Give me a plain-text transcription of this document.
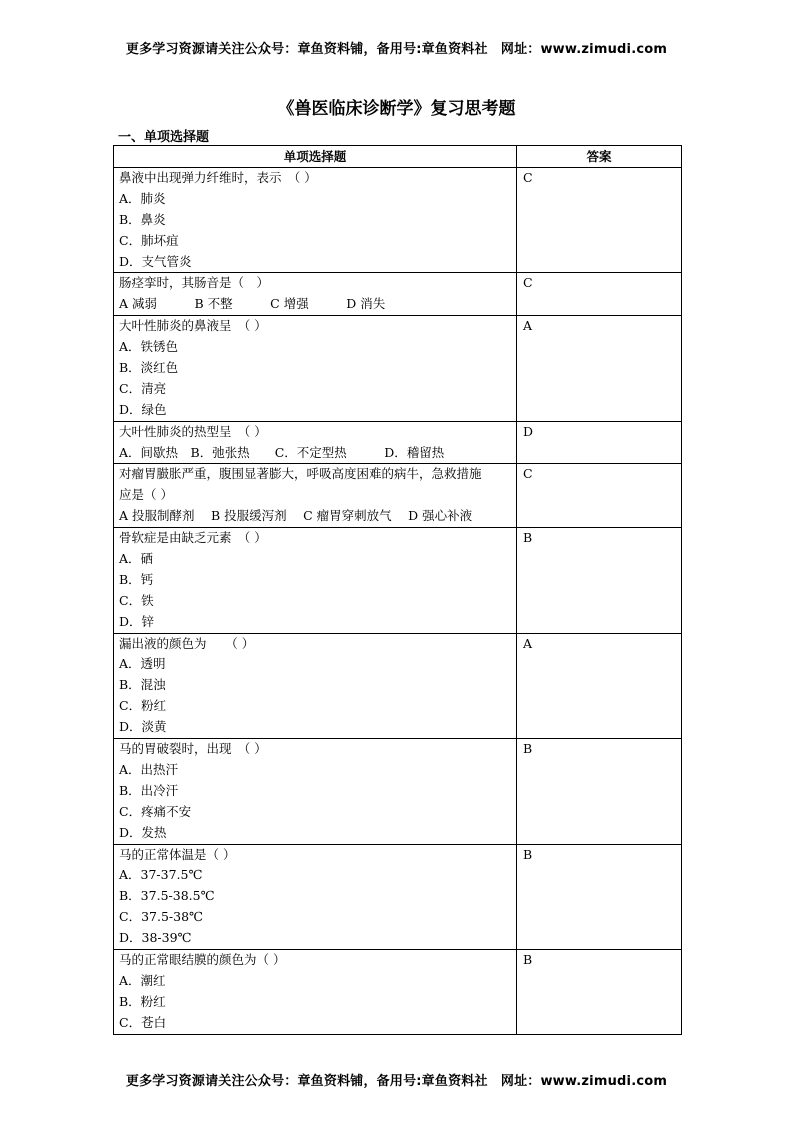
更多学习资源请关注公众号：章鱼资料铺，备用号:章鱼资料社　网址：www.zimudi.com
《兽医临床诊断学》复习思考题
一、单项选择题
单项选择题	答案

鼻液中出现弹力纤维时，表示　（ ）
A．肺炎
B．鼻炎
C．肺坏疽
D．支气管炎	C

肠痉挛时，其肠音是（　）
A 减弱　　　B 不整　　　C 增强　　　D 消失	C

大叶性肺炎的鼻液呈　（ ）
A．铁锈色
B．淡红色
C．清亮
D．绿色	A

大叶性肺炎的热型呈　（ ）
A．间歇热　B．弛张热　　C．不定型热　　　D．稽留热	D

对瘤胃臌胀严重，腹围显著膨大，呼吸高度困难的病牛，急救措施
应是（ ）
A 投服制酵剂　 B 投服缓泻剂　 C 瘤胃穿刺放气　 D 强心补液	C

骨软症是由缺乏元素　（ ）
A．硒
B．钙
C．铁
D．锌	B

漏出液的颜色为　　（ ）
A．透明
B．混浊
C．粉红
D．淡黄	A

马的胃破裂时，出现　（ ）
A．出热汗
B．出冷汗
C．疼痛不安
D．发热	B

马的正常体温是（ ）
A．37-37.5℃
B．37.5-38.5℃
C．37.5-38℃
D．38-39℃	B

马的正常眼结膜的颜色为（ ）
A．潮红
B．粉红
C．苍白	B
更多学习资源请关注公众号：章鱼资料铺，备用号:章鱼资料社　网址：www.zimudi.com
